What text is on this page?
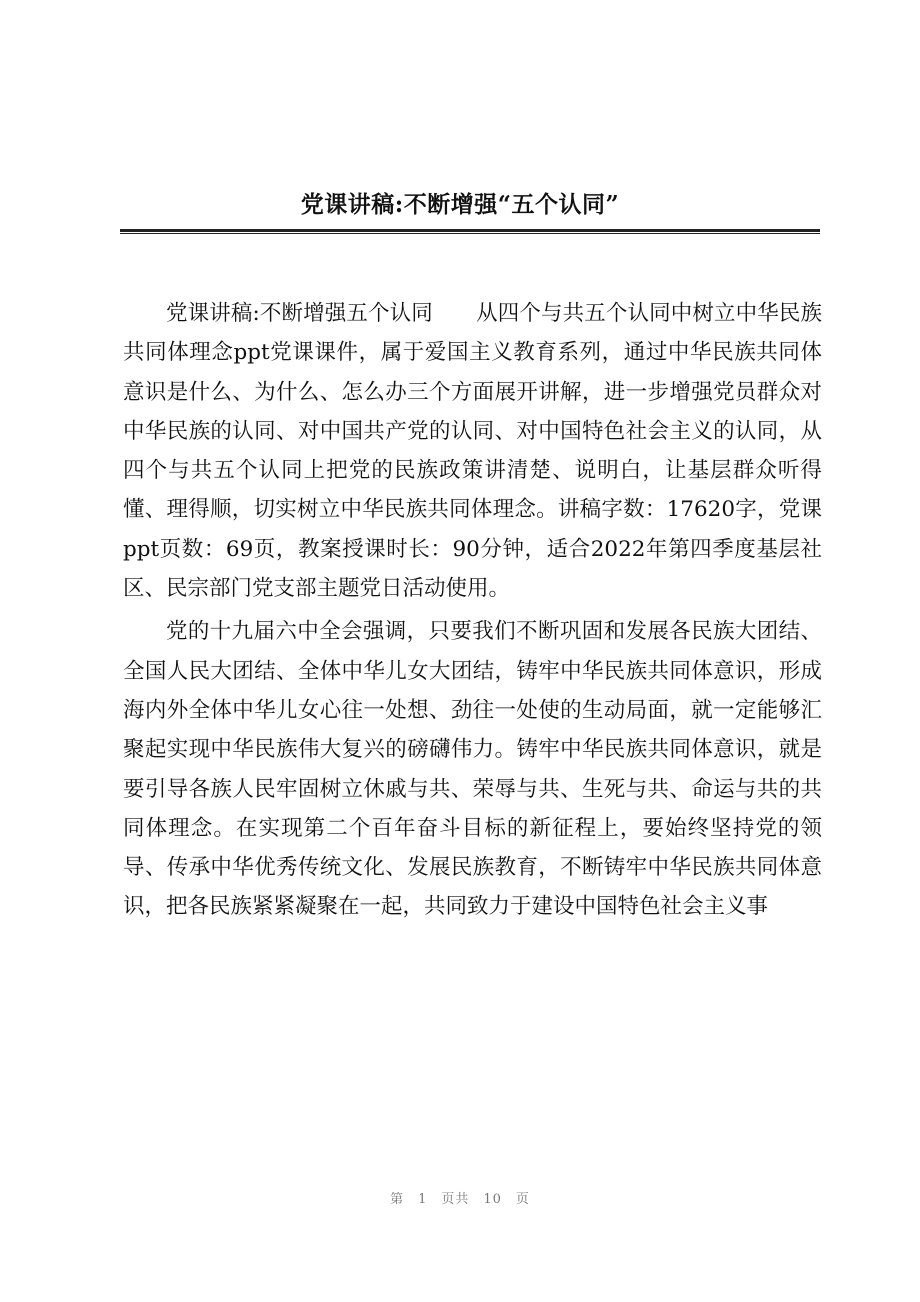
党课讲稿:不断增强“五个认同”

党课讲稿:不断增强五个认同　　从四个与共五个认同中树立中华民族共同体理念ppt党课课件，属于爱国主义教育系列，通过中华民族共同体意识是什么、为什么、怎么办三个方面展开讲解，进一步增强党员群众对中华民族的认同、对中国共产党的认同、对中国特色社会主义的认同，从四个与共五个认同上把党的民族政策讲清楚、说明白，让基层群众听得懂、理得顺，切实树立中华民族共同体理念。讲稿字数：17620字，党课ppt页数：69页，教案授课时长：90分钟，适合2022年第四季度基层社区、民宗部门党支部主题党日活动使用。

党的十九届六中全会强调，只要我们不断巩固和发展各民族大团结、全国人民大团结、全体中华儿女大团结，铸牢中华民族共同体意识，形成海内外全体中华儿女心往一处想、劲往一处使的生动局面，就一定能够汇聚起实现中华民族伟大复兴的磅礴伟力。铸牢中华民族共同体意识，就是要引导各族人民牢固树立休戚与共、荣辱与共、生死与共、命运与共的共同体理念。在实现第二个百年奋斗目标的新征程上，要始终坚持党的领导、传承中华优秀传统文化、发展民族教育，不断铸牢中华民族共同体意识，把各民族紧紧凝聚在一起，共同致力于建设中国特色社会主义事

第　1　页共　10　页
